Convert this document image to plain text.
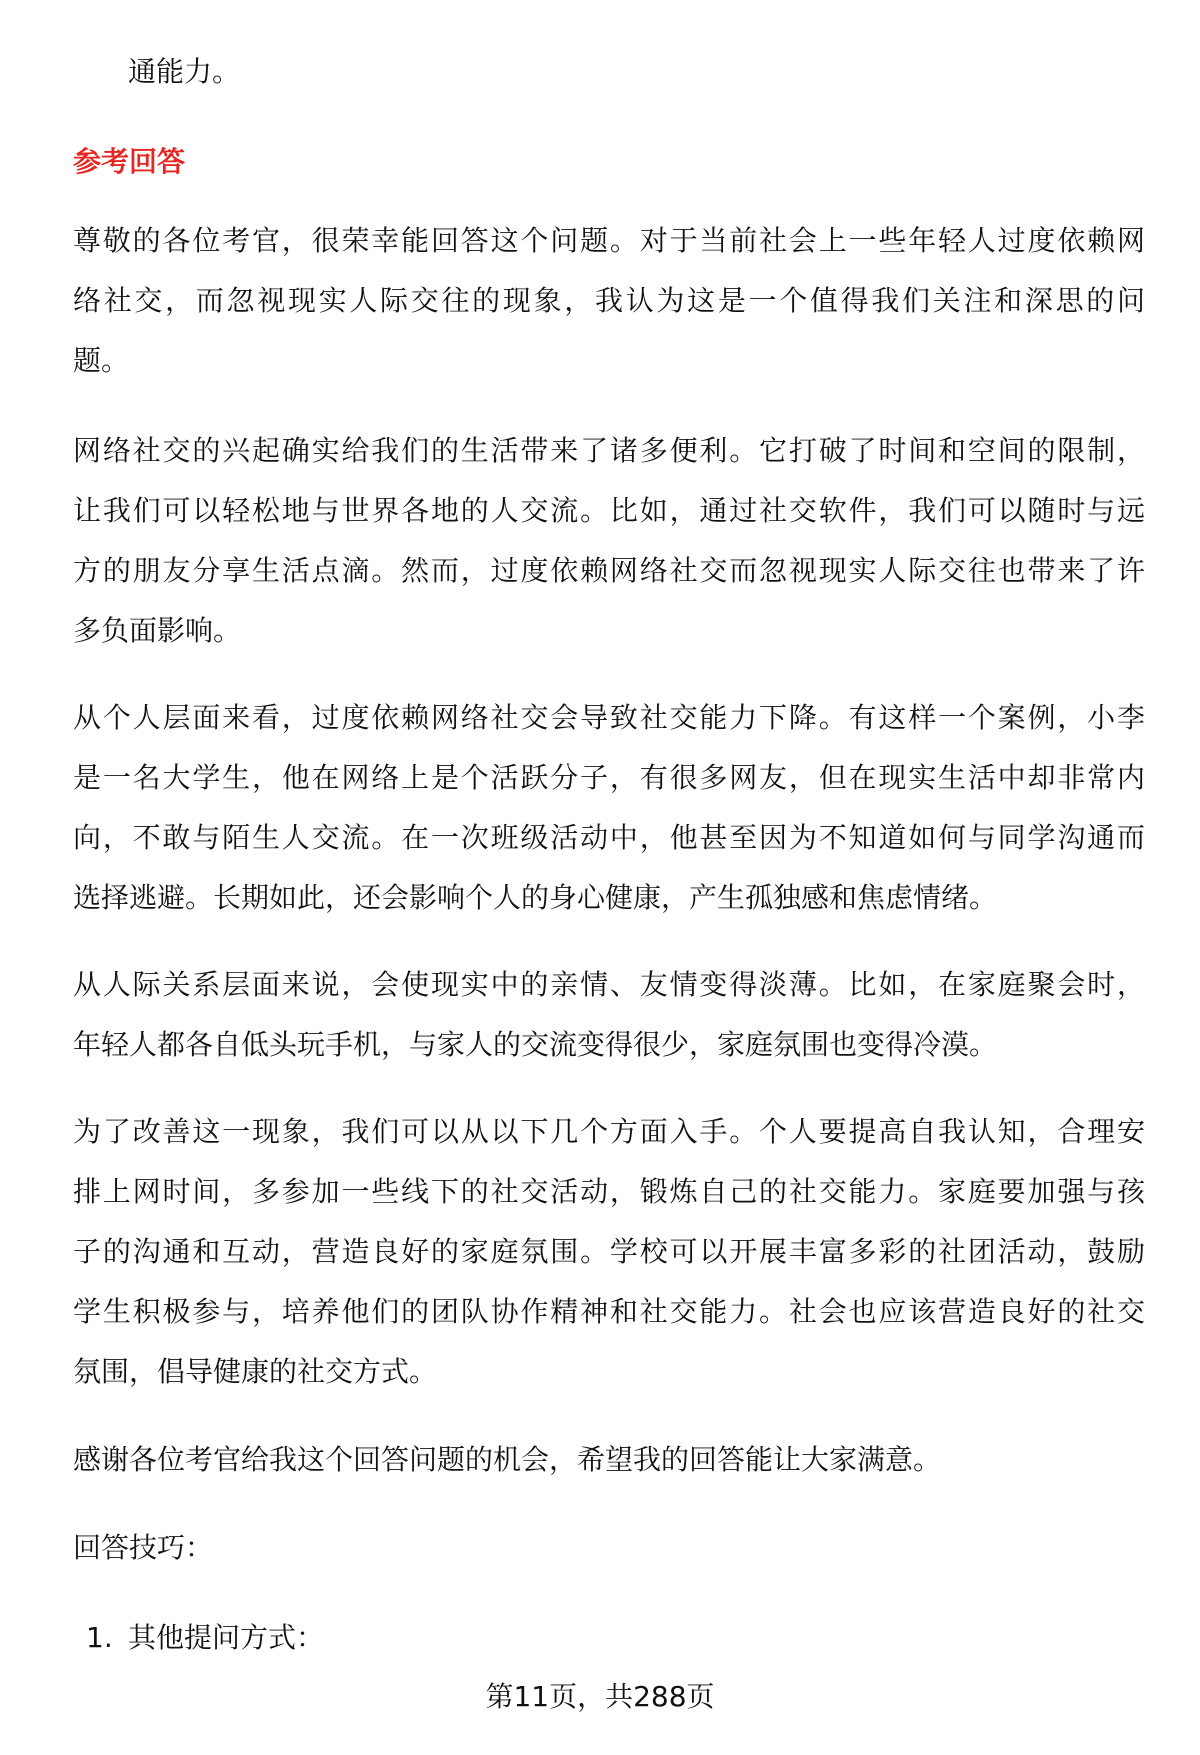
通能力。
参考回答
尊敬的各位考官，很荣幸能回答这个问题。对于当前社会上一些年轻人过度依赖网
络社交，而忽视现实人际交往的现象，我认为这是一个值得我们关注和深思的问
题。
网络社交的兴起确实给我们的生活带来了诸多便利。它打破了时间和空间的限制，
让我们可以轻松地与世界各地的人交流。比如，通过社交软件，我们可以随时与远
方的朋友分享生活点滴。然而，过度依赖网络社交而忽视现实人际交往也带来了许
多负面影响。
从个人层面来看，过度依赖网络社交会导致社交能力下降。有这样一个案例，小李
是一名大学生，他在网络上是个活跃分子，有很多网友，但在现实生活中却非常内
向，不敢与陌生人交流。在一次班级活动中，他甚至因为不知道如何与同学沟通而
选择逃避。长期如此，还会影响个人的身心健康，产生孤独感和焦虑情绪。
从人际关系层面来说，会使现实中的亲情、友情变得淡薄。比如，在家庭聚会时，
年轻人都各自低头玩手机，与家人的交流变得很少，家庭氛围也变得冷漠。
为了改善这一现象，我们可以从以下几个方面入手。个人要提高自我认知，合理安
排上网时间，多参加一些线下的社交活动，锻炼自己的社交能力。家庭要加强与孩
子的沟通和互动，营造良好的家庭氛围。学校可以开展丰富多彩的社团活动，鼓励
学生积极参与，培养他们的团队协作精神和社交能力。社会也应该营造良好的社交
氛围，倡导健康的社交方式。
感谢各位考官给我这个回答问题的机会，希望我的回答能让大家满意。
回答技巧：
1. 其他提问方式：
第11页，共288页
